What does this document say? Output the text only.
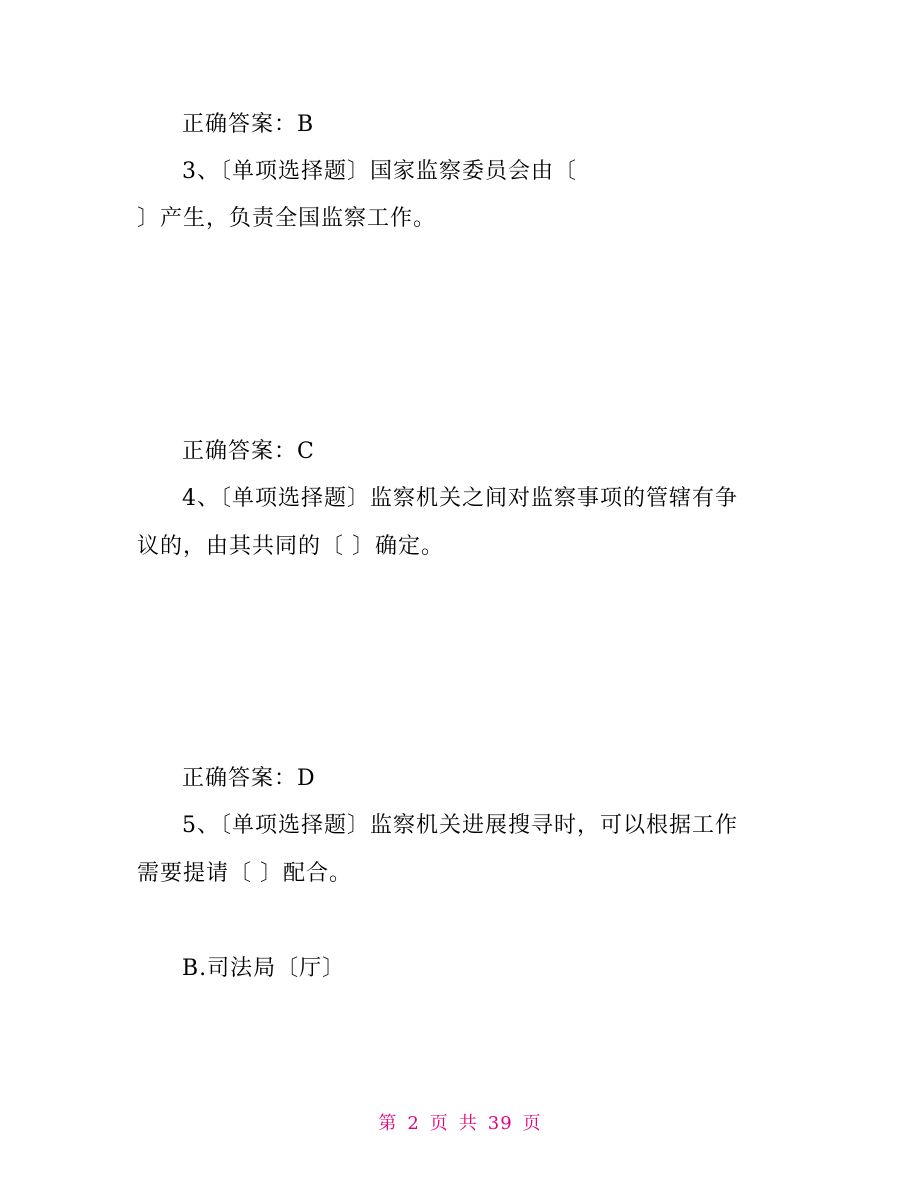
正确答案：B
3、〔单项选择题〕国家监察委员会由〔
〕产生，负责全国监察工作。
正确答案：C
4、〔单项选择题〕监察机关之间对监察事项的管辖有争
议的，由其共同的〔 〕确定。
正确答案：D
5、〔单项选择题〕监察机关进展搜寻时，可以根据工作
需要提请〔 〕配合。
B.司法局〔厅〕
第 2 页 共 39 页
